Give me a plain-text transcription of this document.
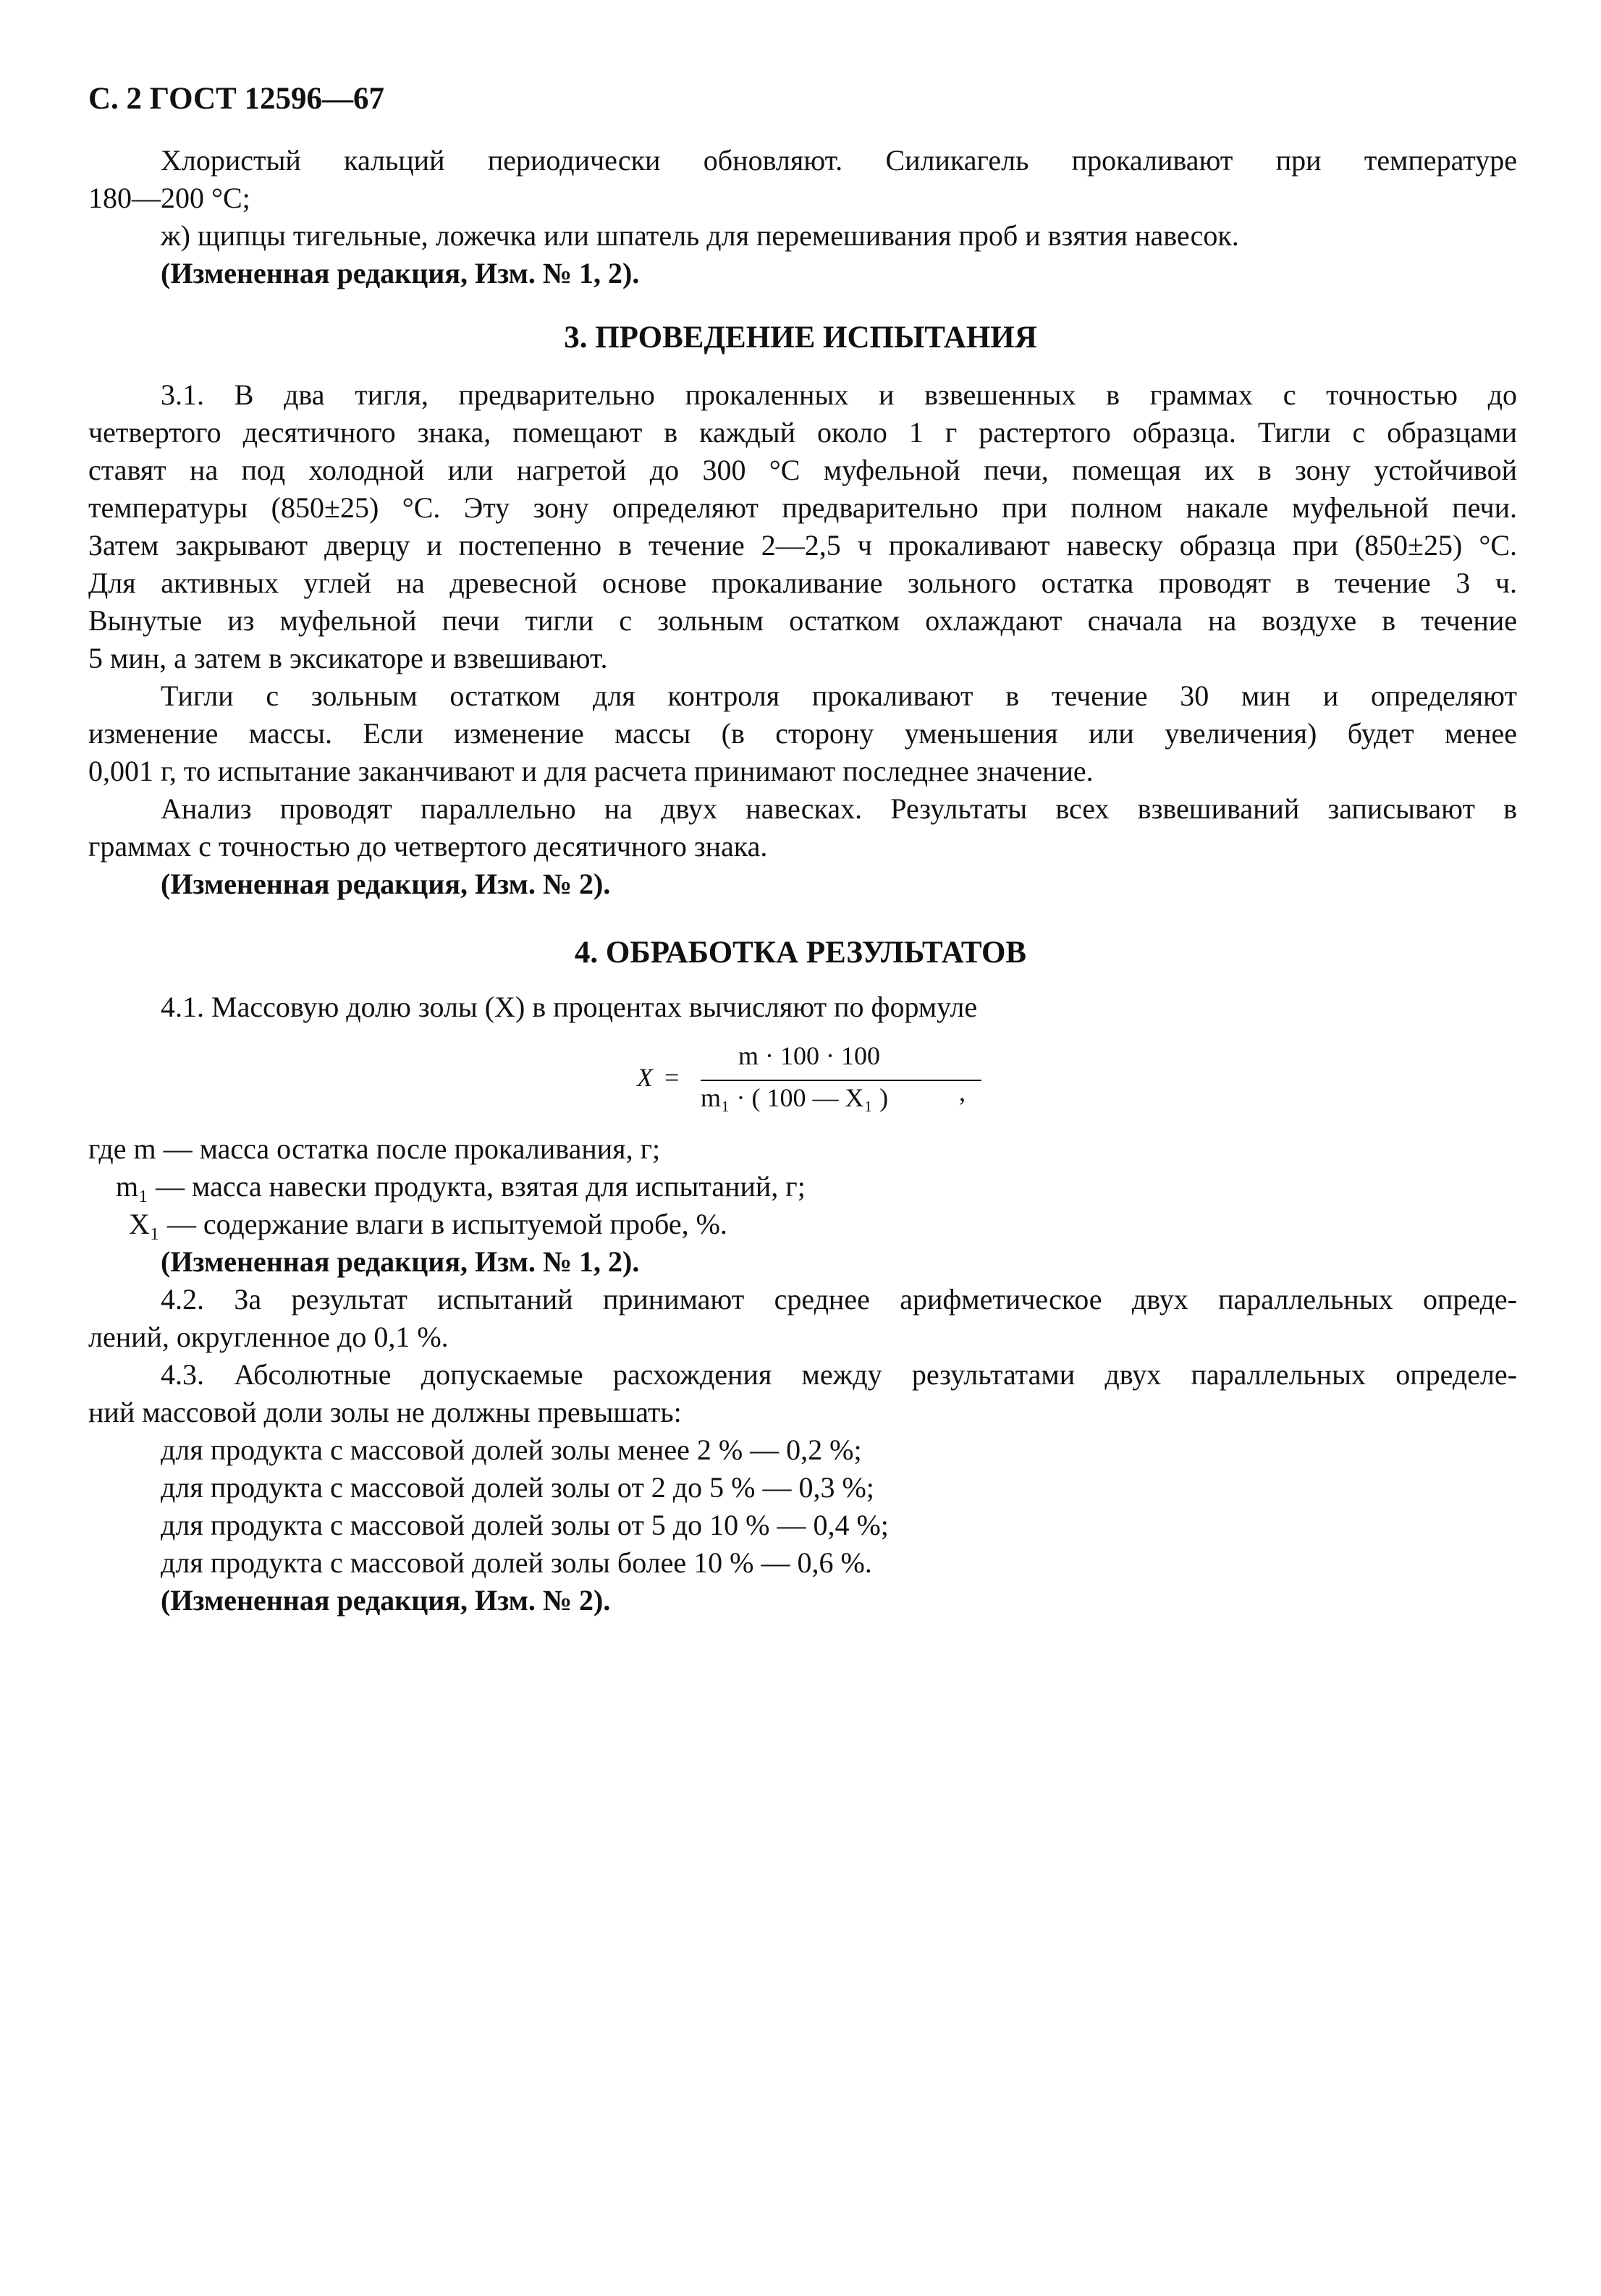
С. 2 ГОСТ 12596—67
Хлористый кальций периодически обновляют. Силикагель прокаливают при температуре
180—200 °С;
ж) щипцы тигельные, ложечка или шпатель для перемешивания проб и взятия навесок.
(Измененная редакция, Изм. № 1, 2).
3. ПРОВЕДЕНИЕ ИСПЫТАНИЯ
3.1. В два тигля, предварительно прокаленных и взвешенных в граммах с точностью до
четвертого десятичного знака, помещают в каждый около 1 г растертого образца. Тигли с образцами
ставят на под холодной или нагретой до 300 °С муфельной печи, помещая их в зону устойчивой
температуры (850±25) °С. Эту зону определяют предварительно при полном накале муфельной печи.
Затем закрывают дверцу и постепенно в течение 2—2,5 ч прокаливают навеску образца при (850±25) °С.
Для активных углей на древесной основе прокаливание зольного остатка проводят в течение 3 ч.
Вынутые из муфельной печи тигли с зольным остатком охлаждают сначала на воздухе в течение
5 мин, а затем в эксикаторе и взвешивают.
Тигли с зольным остатком для контроля прокаливают в течение 30 мин и определяют
изменение массы. Если изменение массы (в сторону уменьшения или увеличения) будет менее
0,001 г, то испытание заканчивают и для расчета принимают последнее значение.
Анализ проводят параллельно на двух навесках. Результаты всех взвешиваний записывают в
граммах с точностью до четвертого десятичного знака.
(Измененная редакция, Изм. № 2).
4. ОБРАБОТКА РЕЗУЛЬТАТОВ
4.1. Массовую долю золы (X) в процентах вычисляют по формуле
X =
m · 100 · 100
m₁ · ( 100 — X₁ )	,
где m — масса остатка после прокаливания, г;
m₁ — масса навески продукта, взятая для испытаний, г;
X₁ — содержание влаги в испытуемой пробе, %.
(Измененная редакция, Изм. № 1, 2).
4.2. За результат испытаний принимают среднее арифметическое двух параллельных опреде-
лений, округленное до 0,1 %.
4.3. Абсолютные допускаемые расхождения между результатами двух параллельных определе-
ний массовой доли золы не должны превышать:
для продукта с массовой долей золы менее 2 % — 0,2 %;
для продукта с массовой долей золы от 2 до 5 % — 0,3 %;
для продукта с массовой долей золы от 5 до 10 % — 0,4 %;
для продукта с массовой долей золы более 10 % — 0,6 %.
(Измененная редакция, Изм. № 2).
